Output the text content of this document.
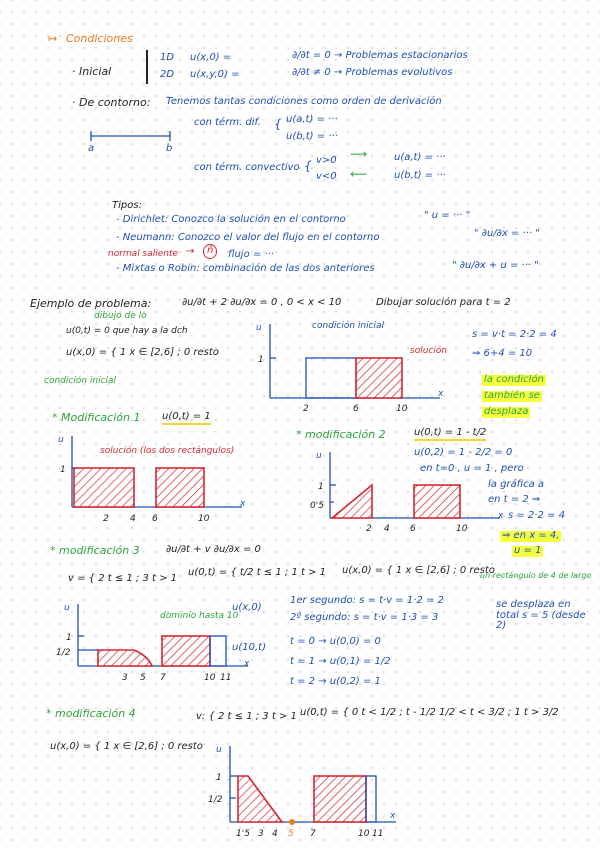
↦ Condiciones
· Inicial
1D u(x,0) =	∂/∂t = 0 → Problemas estacionarios
2D u(x,y,0) =	∂/∂t ≠ 0 → Problemas evolutivos
· De contorno: Tenemos tantas condiciones como orden de derivación
con térm. dif. { u(a,t) = ···
u(b,t) = ···
a	b
con térm. convectivo { v>0
v<0
⟶
⟵
u(a,t) = ···
u(b,t) = ···
Tipos:
- Dirichlet: Conozco la solución en el contorno	" u = ··· "
- Neumann: Conozco el valor del flujo en el contorno	" ∂u/∂x = ··· "
normal saliente →	n̂	flujo = ···
- Mixtas o Robin: combinación de las dos anteriores	" ∂u/∂x + u = ··· "
Ejemplo de problema:	∂u/∂t + 2 ∂u/∂x = 0 , 0 < x < 10	Dibujar solución para t = 2
dibujo de lo
u(0,t) = 0 que hay a la dch
u(x,0) = { 1 x ∈ [2,6] ; 0 resto
condición inicial
condición inicial
solución
s = v·t = 2·2 = 4
⇒ 6+4 = 10
la condición
también se
desplaza
u
x
1
2	6	10
* Modificación 1 u(0,t) = 1
solución (los dos rectángulos)
u
x
1
2 4 6	10
* modificación 2	u(0,t) = 1 - t/2
u(0,2) = 1 - 2/2 = 0
en t=0 , u = 1 , pero
la gráfica a
en t = 2 ⇒
s = 2·2 = 4
⇒ en x = 4,
u = 1
u
x
1
0'5
2 4 6	10
* modificación 3	∂u/∂t + v ∂u/∂x = 0
v = { 2 t ≤ 1 ; 3 t > 1
u(0,t) = { t/2 t ≤ 1 ; 1 t > 1 u(x,0) = { 1 x ∈ [2,6] ; 0 resto
un rectángulo de 4 de largo
dominio hasta 10
u(x,0)
u(10,t)
1er segundo: s = t·v = 1·2 = 2
2º segundo: s = t·v = 1·3 = 3
se desplaza en total s = 5 (desde 2)
t = 0 → u(0,0) = 0
t = 1 → u(0,1) = 1/2
t = 2 → u(0,2) = 1
u
x
1
1/2
3 5 7	10 11
* modificación 4	v: { 2 t ≤ 1 ; 3 t > 1 u(0,t) = { 0 t < 1/2 ; t - 1/2 1/2 < t < 3/2 ; 1 t > 3/2
u(x,0) = { 1 x ∈ [2,6] ; 0 resto u
x
1
1/2
1'5 3 4 5 7	10 11
